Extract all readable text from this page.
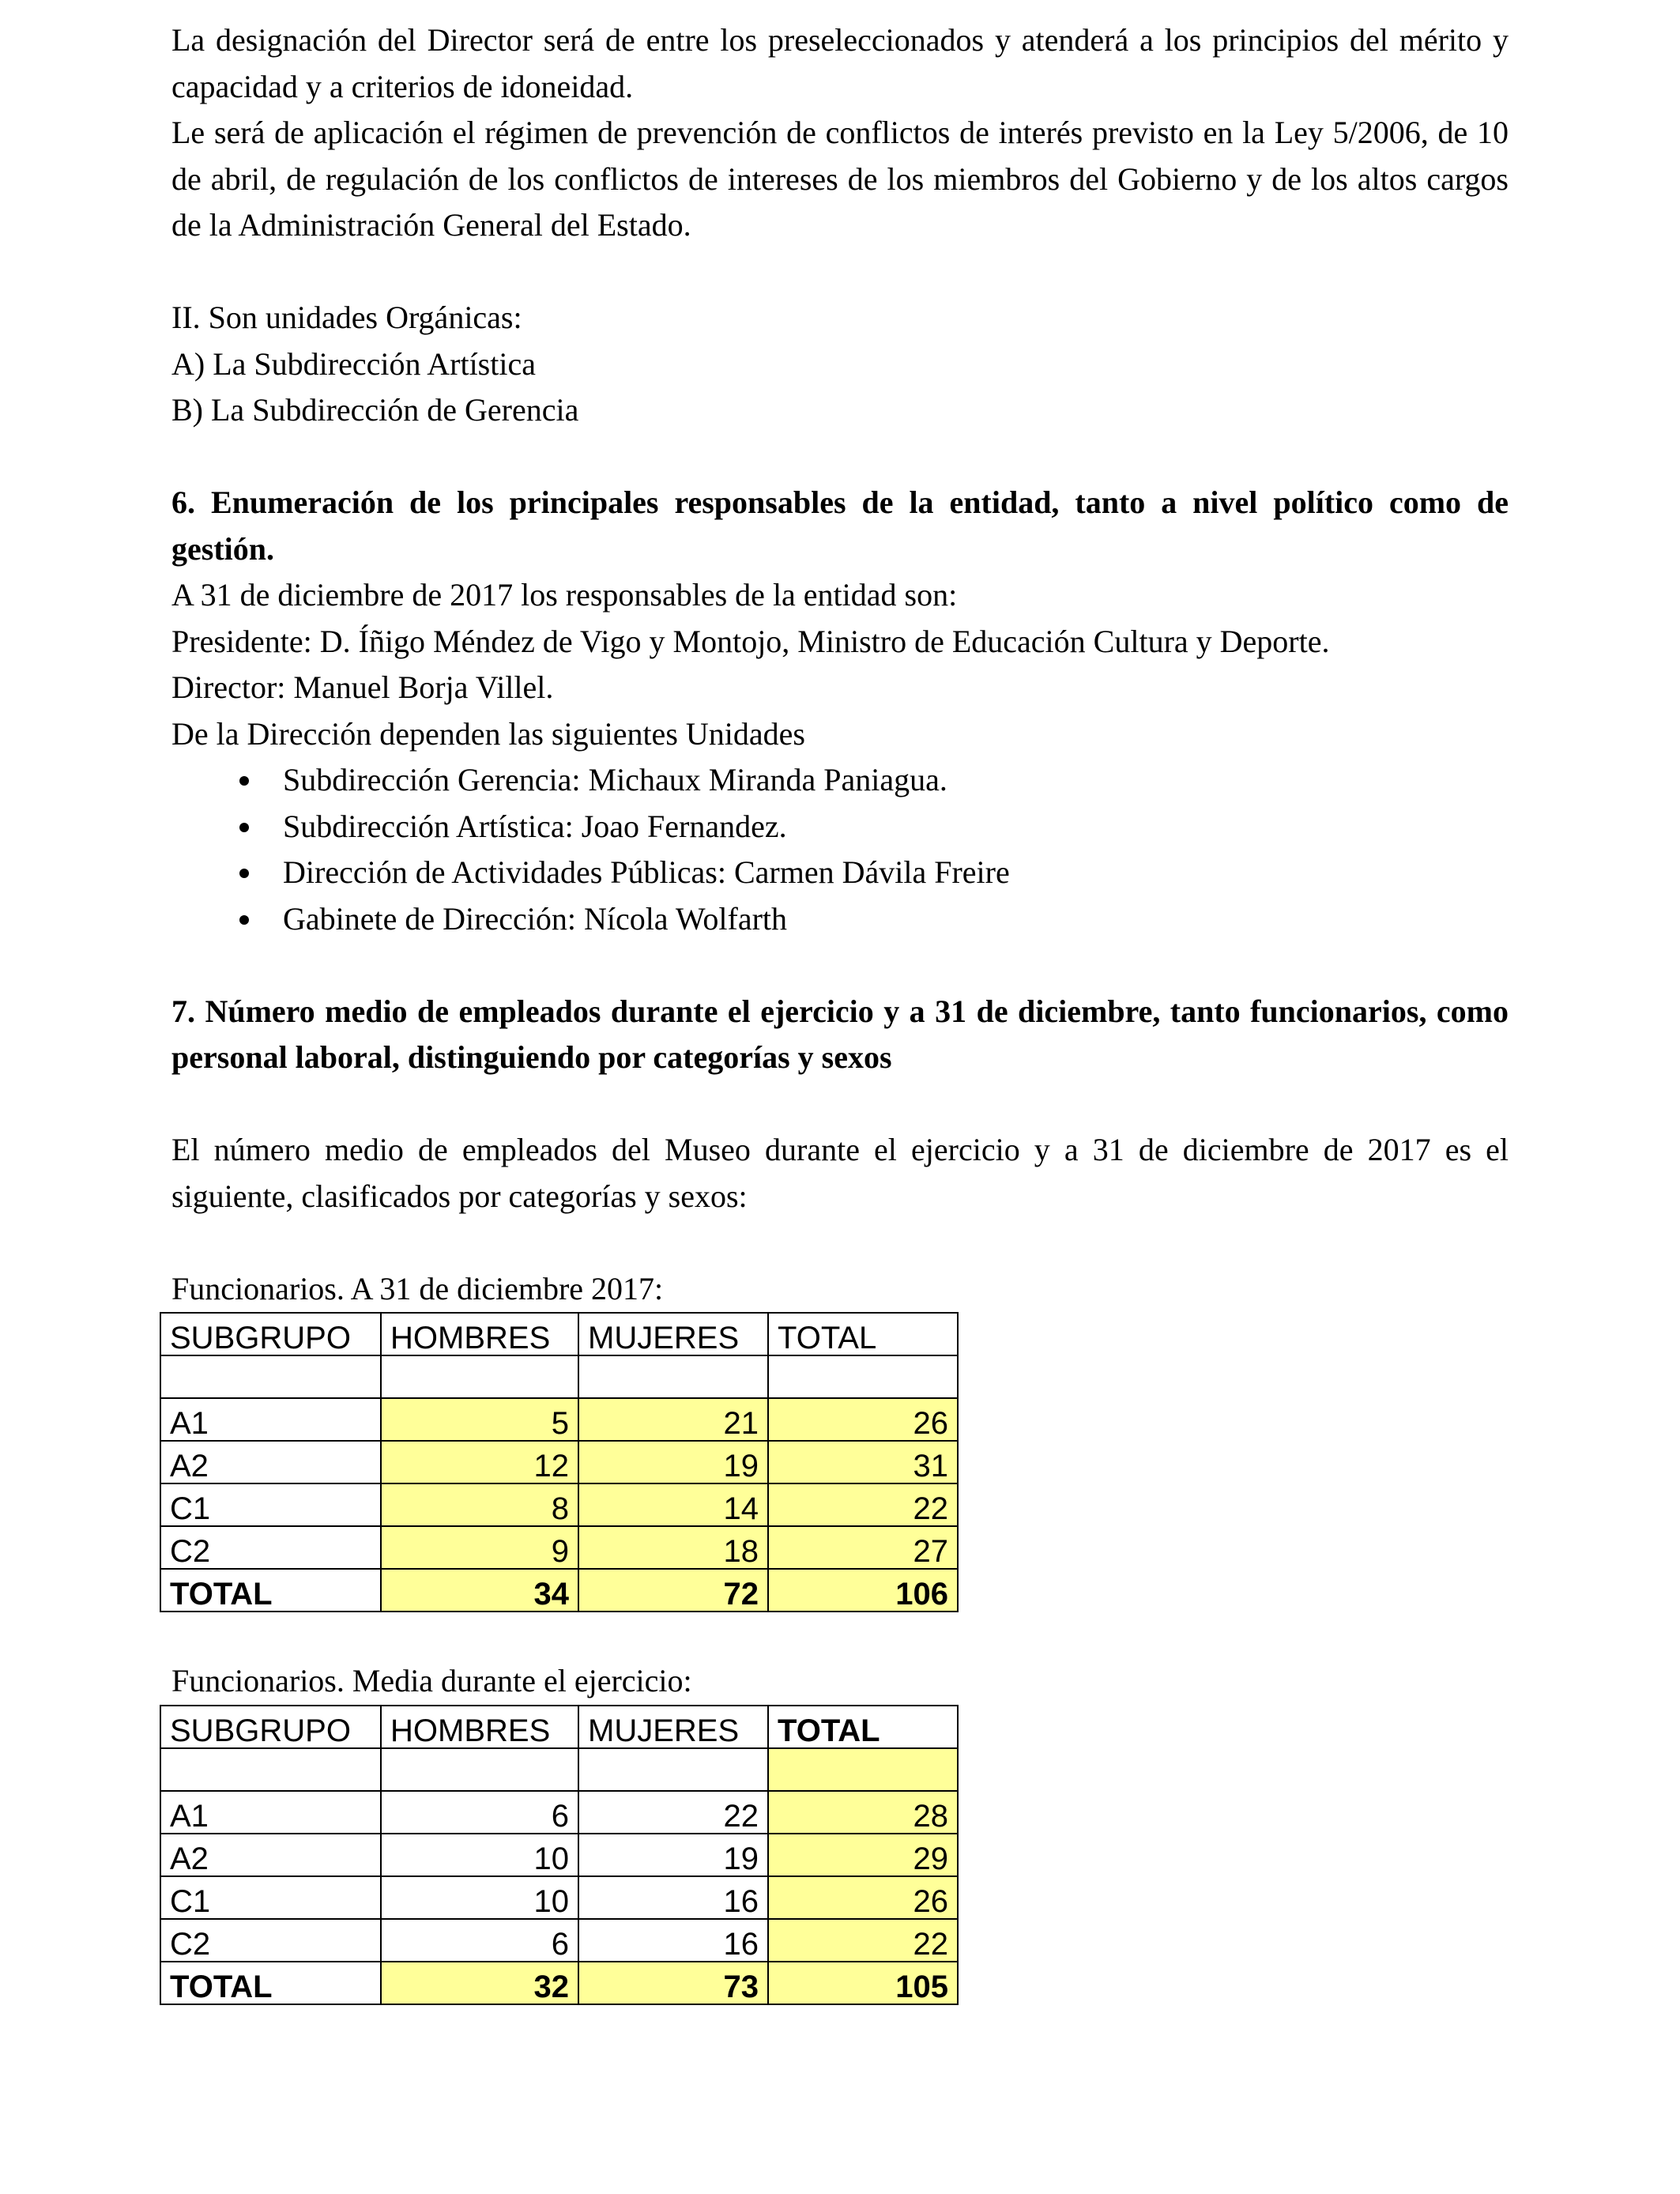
La designación del Director será de entre los preseleccionados y atenderá a los principios del mérito y capacidad y a criterios de idoneidad.

Le será de aplicación el régimen de prevención de conflictos de interés previsto en la Ley 5/2006, de 10 de abril, de regulación de los conflictos de intereses de los miembros del Gobierno y de los altos cargos de la Administración General del Estado.

II. Son unidades Orgánicas:

A) La Subdirección Artística

B) La Subdirección de Gerencia

6. Enumeración de los principales responsables de la entidad, tanto a nivel político como de gestión.

A 31 de diciembre de 2017 los responsables de la entidad son:

Presidente: D. Íñigo Méndez de Vigo y Montojo, Ministro de Educación Cultura y Deporte.

Director: Manuel Borja Villel.

De la Dirección dependen las siguientes Unidades

Subdirección Gerencia: Michaux Miranda Paniagua.
Subdirección Artística: Joao Fernandez.
Dirección de Actividades Públicas: Carmen Dávila Freire
Gabinete de Dirección: Nícola Wolfarth

7. Número medio de empleados durante el ejercicio y a 31 de diciembre, tanto funcionarios, como personal laboral, distinguiendo por categorías y sexos

El número medio de empleados del Museo durante el ejercicio y a 31 de diciembre de 2017 es el siguiente, clasificados por categorías y sexos:

Funcionarios. A 31 de diciembre 2017:

SUBGRUPO	HOMBRES	MUJERES	TOTAL

A1	5	21	26
A2	12	19	31
C1	8	14	22
C2	9	18	27
TOTAL	34	72	106

Funcionarios. Media durante el ejercicio:

SUBGRUPO	HOMBRES	MUJERES	TOTAL

A1	6	22	28
A2	10	19	29
C1	10	16	26
C2	6	16	22
TOTAL	32	73	105
